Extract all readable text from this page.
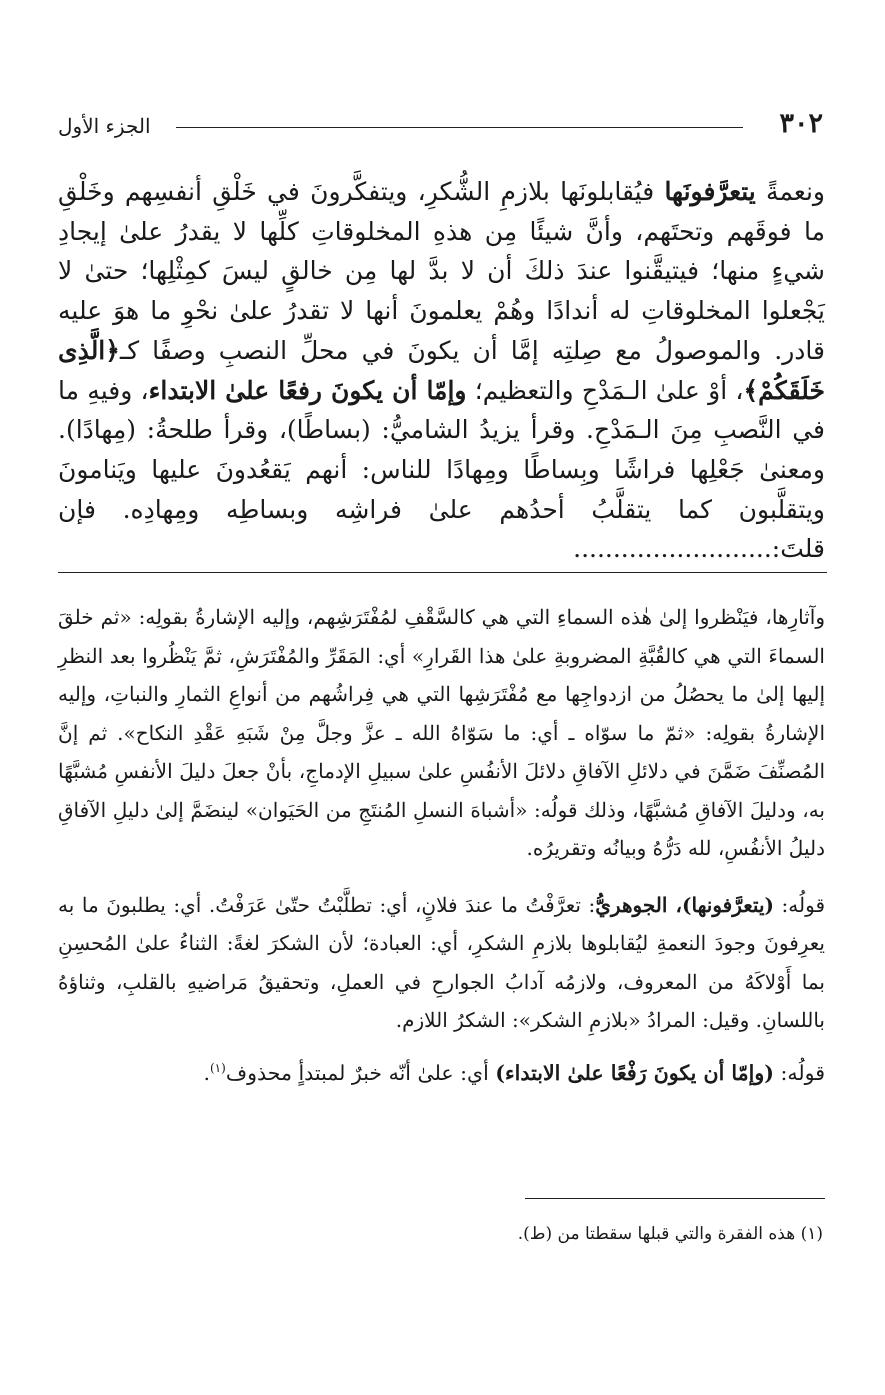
٣٠٢
الجزء الأول
ونعمةً يتعرَّفونَها فيُقابلونَها بلازمِ الشُّكرِ، ويتفكَّرونَ في خَلْقِ أنفسِهم وخَلْقِ ما فوقَهم وتحتَهم، وأنَّ شيئًا مِن هذهِ المخلوقاتِ كلِّها لا يقدرُ علىٰ إيجادِ شيءٍ منها؛ فيتيقَّنوا عندَ ذلكَ أن لا بدَّ لها مِن خالقٍ ليسَ كمِثْلِها؛ حتىٰ لا يَجْعلوا المخلوقاتِ له أندادًا وهُمْ يعلمونَ أنها لا تقدرُ علىٰ نحْوِ ما هوَ عليه قادر. والموصولُ مع صِلتِه إمَّا أن يكونَ في محلِّ النصبِ وصفًا كـ﴿الَّذِى خَلَقَكُمْ﴾، أوْ علىٰ الـمَدْحِ والتعظيم؛ وإمّا أن يكونَ رفعًا علىٰ الابتداء، وفيهِ ما في النَّصبِ مِنَ الـمَدْحِ. وقرأ يزيدُ الشاميُّ: (بساطًا)، وقرأ طلحةُ: (مِهادًا). ومعنىٰ جَعْلِها فراشًا وبِساطًا ومِهادًا للناس: أنهم يَقعُدونَ عليها ويَنامونَ ويتقلَّبون كما يتقلَّبُ أحدُهم علىٰ فراشِه وبساطِه ومِهادِه. فإن قلتَ:.........................

وآثارِها، فيَنْظروا إلىٰ هٰذه السماءِ التي هي كالسَّقْفِ لمُفْتَرَشِهم، وإليه الإشارةُ بقولِه: «ثم خلقَ السماءَ التي هي كالقُبَّةِ المضروبةِ علىٰ هذا القَرارِ» أي: المَقَرِّ والمُفْتَرَشِ، ثمَّ يَنْظُروا بعد النظرِ إليها إلىٰ ما يحصُلُ من ازدواجِها مع مُفْتَرَشِها التي هي فِراشُهم من أنواعِ الثمارِ والنباتِ، وإليه الإشارةُ بقولِه: «ثمّ ما سوّاه ـ أي: ما سَوّاهُ الله ـ عزَّ وجلَّ مِنْ شَبَهِ عَقْدِ النكاح». ثم إنَّ المُصنِّفَ ضَمَّنَ في دلائلِ الآفاقِ دلائلَ الأنفُسِ علىٰ سبيلِ الإدماجِ، بأنْ جعلَ دليلَ الأنفسِ مُشبَّهًا به، ودليلَ الآفاقِ مُشبَّهًا، وذلك قولُه: «أشباهَ النسلِ المُنتَجِ من الحَيَوان» لينضَمَّ إلىٰ دليلِ الآفاقِ دليلُ الأنفُسِ، لله دَرُّهُ وبيانُه وتقريرُه.

قولُه: (يتعرَّفونها)، الجوهريُّ: تعرَّفْتُ ما عندَ فلانٍ، أي: تطلَّبْتُ حتّىٰ عَرَفْتُ. أي: يطلبونَ ما به يعرِفونَ وجودَ النعمةِ ليُقابلوها بلازمِ الشكرِ، أي: العبادة؛ لأن الشكرَ لغةً: الثناءُ علىٰ المُحسِنِ بما أَوْلاكَهُ من المعروف، ولازمُه آدابُ الجوارحِ في العملِ، وتحقيقُ مَراضيهِ بالقلبِ، وثناؤهُ باللسانِ. وقيل: المرادُ «بلازمِ الشكر»: الشكرُ اللازم.

قولُه: (وإمّا أن يكونَ رَفْعًا علىٰ الابتداء) أي: علىٰ أنّه خبرٌ لمبتدأٍ محذوف$^{(١)}$.

(١) هذه الفقرة والتي قبلها سقطتا من (ط).
